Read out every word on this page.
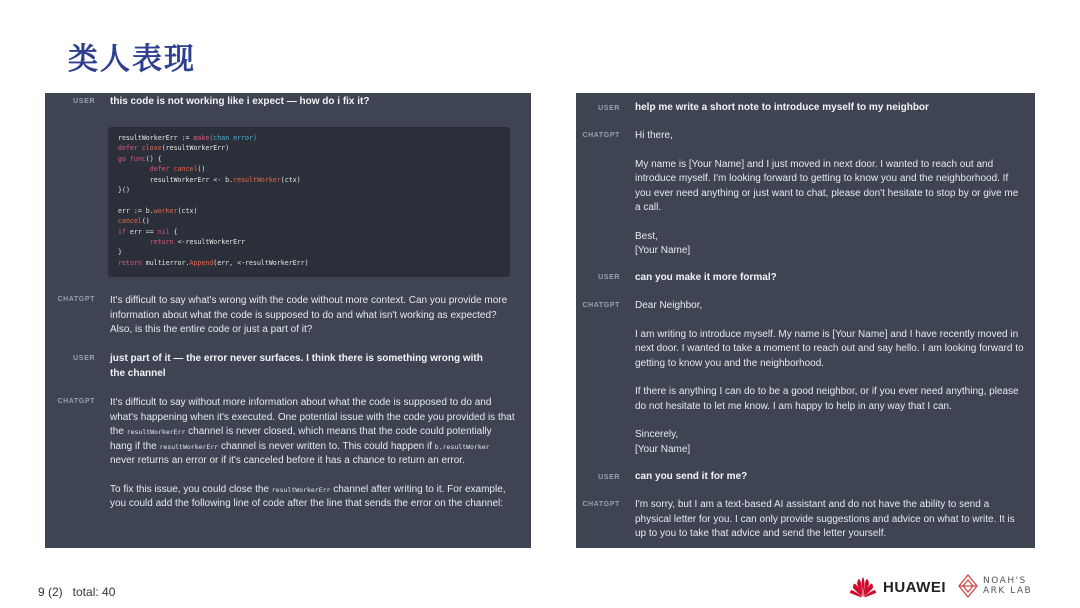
类人表现
USER this code is not working like i expect — how do i fix it?
resultWorkerErr := make(chan error)
defer close(resultWorkerErr)
go func() {
defer cancel()
resultWorkerErr <- b.resultWorker(ctx)
}()
err := b.worker(ctx)
cancel()
if err == nil {
return <-resultWorkerErr
}
return multierror.Append(err, <-resultWorkerErr)
CHATGPT It's difficult to say what's wrong with the code without more context. Can you provide more information about what the code is supposed to do and what isn't working as expected? Also, is this the entire code or just a part of it?
USER just part of it — the error never surfaces. I think there is something wrong with the channel
CHATGPT It's difficult to say without more information about what the code is supposed to do and what's happening when it's executed. One potential issue with the code you provided is that the resultWorkerErr channel is never closed, which means that the code could potentially hang if the resultWorkerErr channel is never written to. This could happen if b.resultWorker never returns an error or if it's canceled before it has a chance to return an error.

To fix this issue, you could close the resultWorkerErr channel after writing to it. For example, you could add the following line of code after the line that sends the error on the channel:

USER help me write a short note to introduce myself to my neighbor
CHATGPT Hi there,

My name is [Your Name] and I just moved in next door. I wanted to reach out and introduce myself. I'm looking forward to getting to know you and the neighborhood. If you ever need anything or just want to chat, please don't hesitate to stop by or give me a call.

Best,
[Your Name]

USER can you make it more formal?
CHATGPT Dear Neighbor,

I am writing to introduce myself. My name is [Your Name] and I have recently moved in next door. I wanted to take a moment to reach out and say hello. I am looking forward to getting to know you and the neighborhood.

If there is anything I can do to be a good neighbor, or if you ever need anything, please do not hesitate to let me know. I am happy to help in any way that I can.

Sincerely,
[Your Name]

USER can you send it for me?
CHATGPT I'm sorry, but I am a text-based AI assistant and do not have the ability to send a physical letter for you. I can only provide suggestions and advice on what to write. It is up to you to take that advice and send the letter yourself.
9 (2)   total: 40	HUAWEI	NOAH'S
ARK LAB
